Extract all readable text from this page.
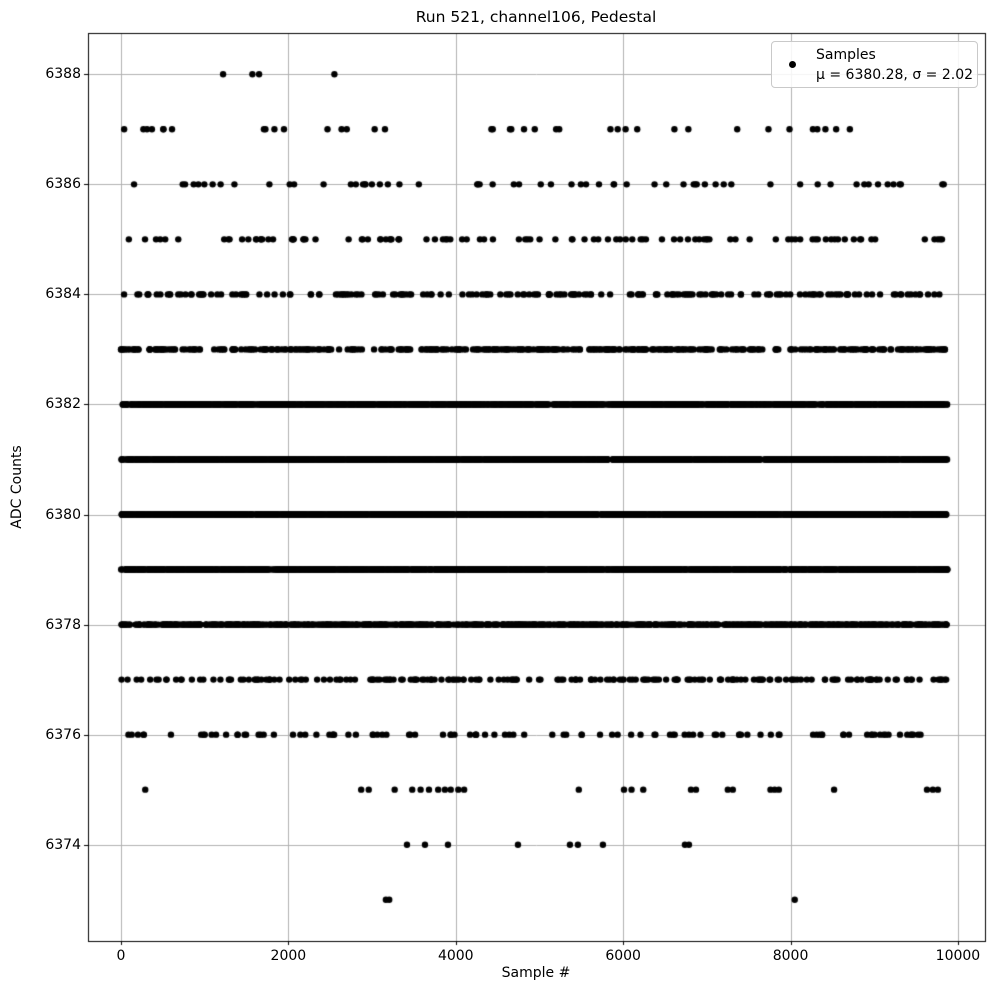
Run 521, channel106, Pedestal
Sample #
ADC Counts
0	2000	4000	6000	8000	10000
6374
6376
6378
6380
6382
6384
6386
6388
Samples
μ = 6380.28, σ = 2.02
